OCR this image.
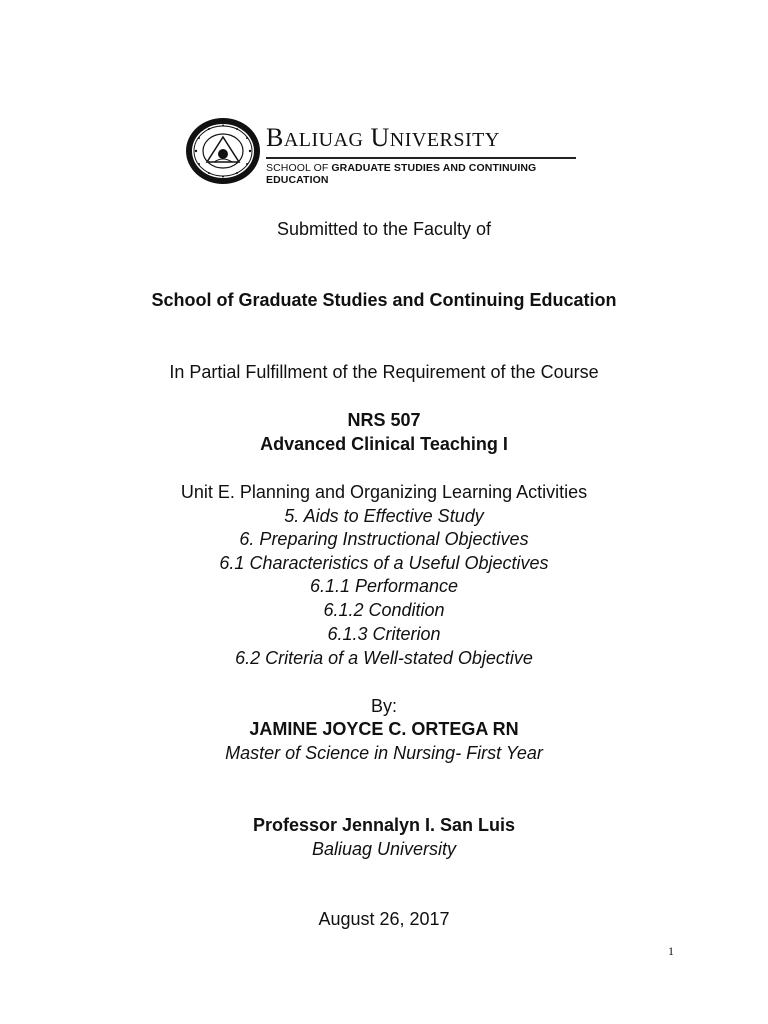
BALIUAG UNIVERSITY
SCHOOL OF GRADUATE STUDIES AND CONTINUING
EDUCATION
Submitted to the Faculty of
School of Graduate Studies and Continuing Education
In Partial Fulfillment of the Requirement of the Course
NRS 507
Advanced Clinical Teaching I
Unit E. Planning and Organizing Learning Activities
5. Aids to Effective Study
6. Preparing Instructional Objectives
6.1 Characteristics of a Useful Objectives
6.1.1 Performance
6.1.2 Condition
6.1.3 Criterion
6.2 Criteria of a Well-stated Objective
By:
JAMINE JOYCE C. ORTEGA RN
Master of Science in Nursing- First Year
Professor Jennalyn I. San Luis
Baliuag University
August 26, 2017
1
